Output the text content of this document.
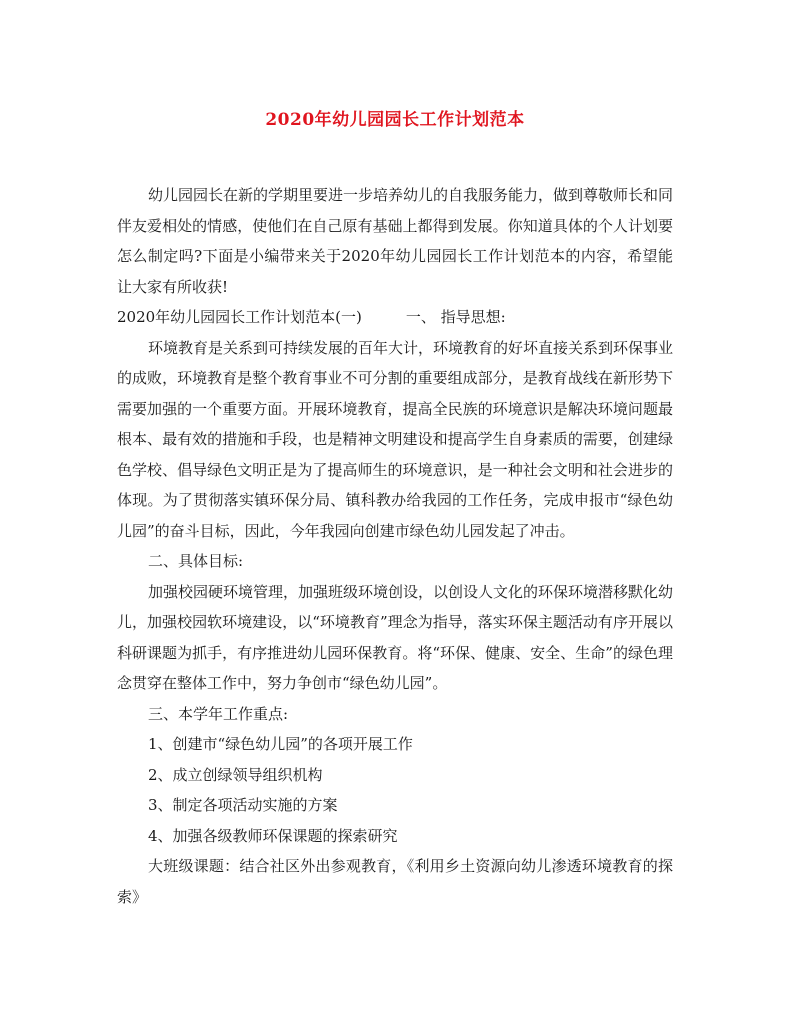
2020年幼儿园园长工作计划范本

幼儿园园长在新的学期里要进一步培养幼儿的自我服务能力，做到尊敬师长和同伴友爱相处的情感，使他们在自己原有基础上都得到发展。你知道具体的个人计划要怎么制定吗?下面是小编带来关于2020年幼儿园园长工作计划范本的内容，希望能让大家有所收获!

2020年幼儿园园长工作计划范本(一)	一、 指导思想:

环境教育是关系到可持续发展的百年大计，环境教育的好坏直接关系到环保事业的成败，环境教育是整个教育事业不可分割的重要组成部分，是教育战线在新形势下需要加强的一个重要方面。开展环境教育，提高全民族的环境意识是解决环境问题最根本、最有效的措施和手段，也是精神文明建设和提高学生自身素质的需要，创建绿色学校、倡导绿色文明正是为了提高师生的环境意识，是一种社会文明和社会进步的体现。为了贯彻落实镇环保分局、镇科教办给我园的工作任务，完成申报市“绿色幼儿园”的奋斗目标，因此，今年我园向创建市绿色幼儿园发起了冲击。

二、具体目标:

加强校园硬环境管理，加强班级环境创设，以创设人文化的环保环境潜移默化幼儿，加强校园软环境建设，以“环境教育”理念为指导，落实环保主题活动有序开展以科研课题为抓手，有序推进幼儿园环保教育。将“环保、健康、安全、生命”的绿色理念贯穿在整体工作中，努力争创市“绿色幼儿园”。

三、本学年工作重点:

1、创建市“绿色幼儿园”的各项开展工作

2、成立创绿领导组织机构

3、制定各项活动实施的方案

4、加强各级教师环保课题的探索研究

大班级课题：结合社区外出参观教育，《利用乡土资源向幼儿渗透环境教育的探索》
